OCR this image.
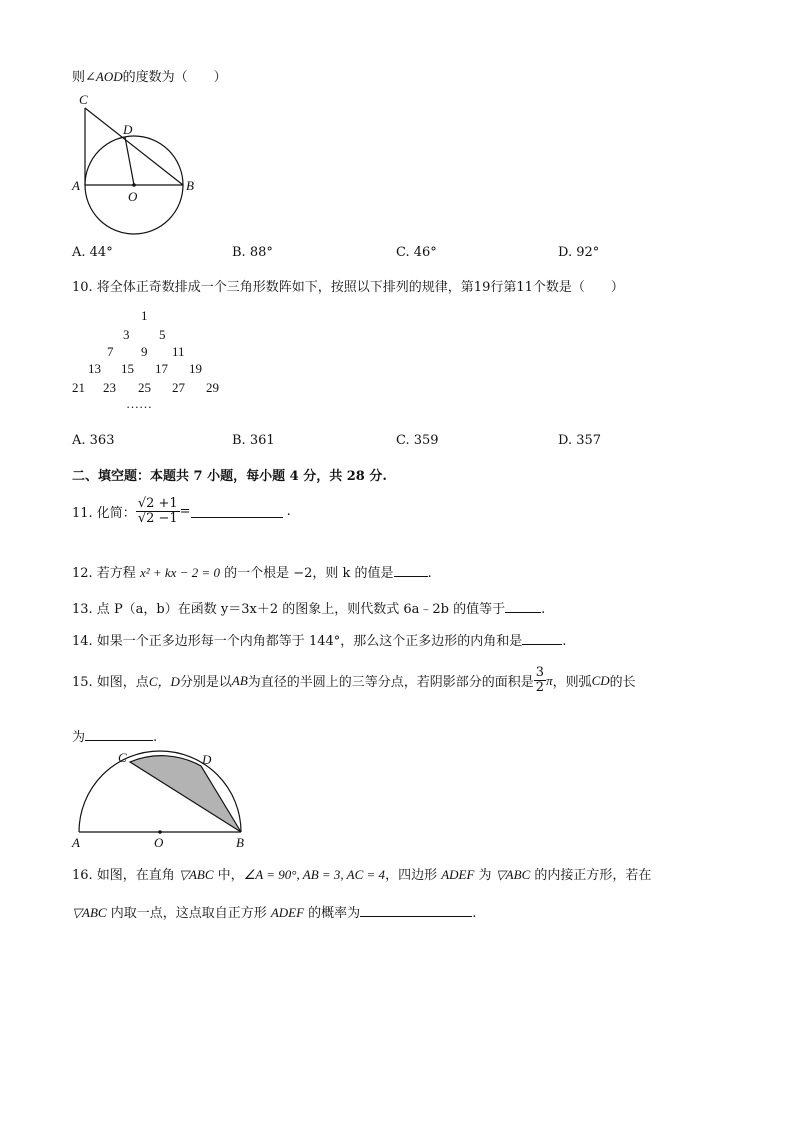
则∠AOD的度数为（　　）
C
D
A
O
B
A. 44°	B. 88°	C. 46°	D. 92°
10. 将全体正奇数排成一个三角形数阵如下，按照以下排列的规律，第19行第11个数是（　　）
1
3 5
7 9 11
13 15 17 19
21 23 25 27 29
……
A. 363	B. 361	C. 359	D. 357
二、填空题：本题共 7 小题，每小题 4 分，共 28 分.
11. 化简： $\frac{√2 +1}{√2 -1}$ =	.
12. 若方程 x² + kx − 2 = 0 的一个根是 −2，则 k 的值是	.
13. 点 P（a，b）在函数 y＝3x＋2 的图象上，则代数式 6a﹣2b 的值等于	.
14. 如果一个正多边形每一个内角都等于 144°，那么这个正多边形的内角和是	.
15. 如图，点 C，D 分别是以 AB 为直径的半圆上的三等分点，若阴影部分的面积是 $\frac{3}{2}$ π ，则弧 CD 的长
为	.
C	D
A	O	B
16. 如图，在直角 ▽ABC 中，∠A = 90°, AB = 3, AC = 4，四边形 ADEF 为 ▽ABC 的内接正方形，若在
▽ABC 内取一点，这点取自正方形 ADEF 的概率为	.
